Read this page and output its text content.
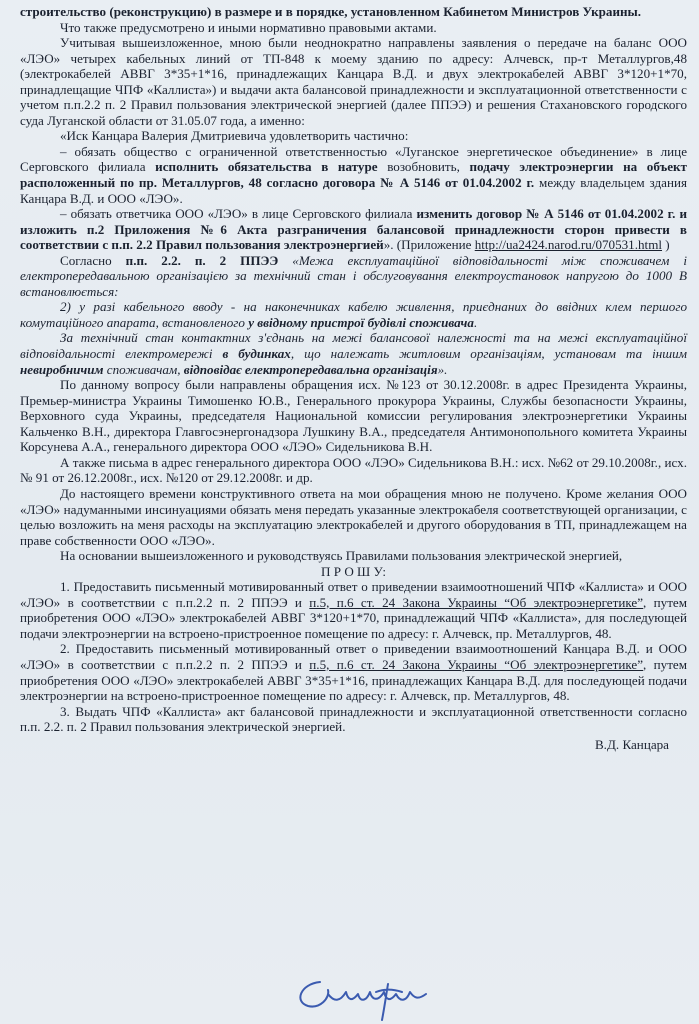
строительство (реконструкцию) в размере и в порядке, установленном Кабинетом Министров Украины.

Что также предусмотрено и иными нормативно правовыми актами.

Учитывая вышеизложенное, мною были неоднократно направлены заявления о передаче на баланс ООО «ЛЭО» четырех кабельных линий от ТП-848 к моему зданию по адресу: Алчевск, пр-т Металлургов,48 (электрокабелей АВВГ 3*35+1*16, принадлежащих Канцара В.Д. и двух электрокабелей АВВГ 3*120+1*70, принадлещащие ЧПФ «Каллиста») и выдачи акта балансовой принадлежности и эксплуатационной ответственности с учетом п.п.2.2 п. 2 Правил пользования электрической энергией (далее ППЭЭ) и решения Стахановского городского суда Луганской области от 31.05.07 года, а именно:

«Иск Канцара Валерия Дмитриевича удовлетворить частично:

– обязать общество с ограниченной ответственностью «Луганское энергетическое объединение» в лице Серговского филиала исполнить обязательства в натуре возобновить, подачу электроэнергии на объект расположенный по пр. Металлургов, 48 согласно договора № А 5146 от 01.04.2002 г. между владельцем здания Канцара В.Д. и ООО «ЛЭО».

– обязать ответчика ООО «ЛЭО» в лице Серговского филиала изменить договор № А 5146 от 01.04.2002 г. и изложить п.2 Приложения №6 Акта разграничения балансовой принадлежности сторон привести в соответствии с п.п. 2.2 Правил пользования электроэнергией». (Приложение http://ua2424.narod.ru/070531.html )

Согласно п.п. 2.2. п. 2 ППЭЭ «Межа експлуатаційної відповідальності між споживачем і електропередавальною організацією за технічний стан і обслуговування електроустановок напругою до 1000 В встановлюється:

2) у разі кабельного вводу - на наконечниках кабелю живлення, приєднаних до ввідних клем першого комутаційного апарата, встановленого у ввідному пристрої будівлі споживача.

За технічний стан контактних з'єднань на межі балансової належності та на межі експлуатаційної відповідальності електромережі в будинках, що належать житловим організаціям, установам та іншим невиробничим споживачам, відповідає електропередавальна організація».

По данному вопросу были направлены обращения исх. №123 от 30.12.2008г. в адрес Президента Украины, Премьер-министра Украины Тимошенко Ю.В., Генерального прокурора Украины, Службы безопасности Украины, Верховного суда Украины, председателя Национальной комиссии регулирования электроэнергетики Украины Кальченко В.Н., директора Главгосэнергонадзора Лушкину В.А., председателя Антимонопольного комитета Украины Корсунева А.А., генерального директора ООО «ЛЭО» Сидельникова В.Н.

А также письма в адрес генерального директора ООО «ЛЭО» Сидельникова В.Н.: исх. №62 от 29.10.2008г., исх. № 91 от 26.12.2008г., исх. №120 от 29.12.2008г. и др.

До настоящего времени конструктивного ответа на мои обращения мною не получено. Кроме желания ООО «ЛЭО» надуманными инсинуациями обязать меня передать указанные электрокабеля соответствующей организации, с целью возложить на меня расходы на эксплуатацию электрокабелей и другого оборудования в ТП, принадлежащем на праве собственности ООО «ЛЭО».

На основании вышеизложенного и руководствуясь Правилами пользования электрической энергией,

П Р О Ш У:

1. Предоставить письменный мотивированный ответ о приведении взаимоотношений ЧПФ «Каллиста» и ООО «ЛЭО» в соответствии с п.п.2.2 п. 2 ППЭЭ и п.5, п.6 ст. 24 Закона Украины “Об электроэнергетике”, путем приобретения ООО «ЛЭО» электрокабелей АВВГ 3*120+1*70, принадлежащий ЧПФ «Каллиста», для последующей подачи электроэнергии на встроено-пристроенное помещение по адресу: г. Алчевск, пр. Металлургов, 48.

2. Предоставить письменный мотивированный ответ о приведении взаимоотношений Канцара В.Д. и ООО «ЛЭО» в соответствии с п.п.2.2 п. 2 ППЭЭ и п.5, п.6 ст. 24 Закона Украины “Об электроэнергетике”, путем приобретения ООО «ЛЭО» электрокабелей АВВГ 3*35+1*16, принадлежащих Канцара В.Д. для последующей подачи электроэнергии на встроено-пристроенное помещение по адресу: г. Алчевск, пр. Металлургов, 48.

3. Выдать ЧПФ «Каллиста» акт балансовой принадлежности и эксплуатационной ответственности согласно п.п. 2.2. п. 2 Правил пользования электрической энергией.

В.Д. Канцара
